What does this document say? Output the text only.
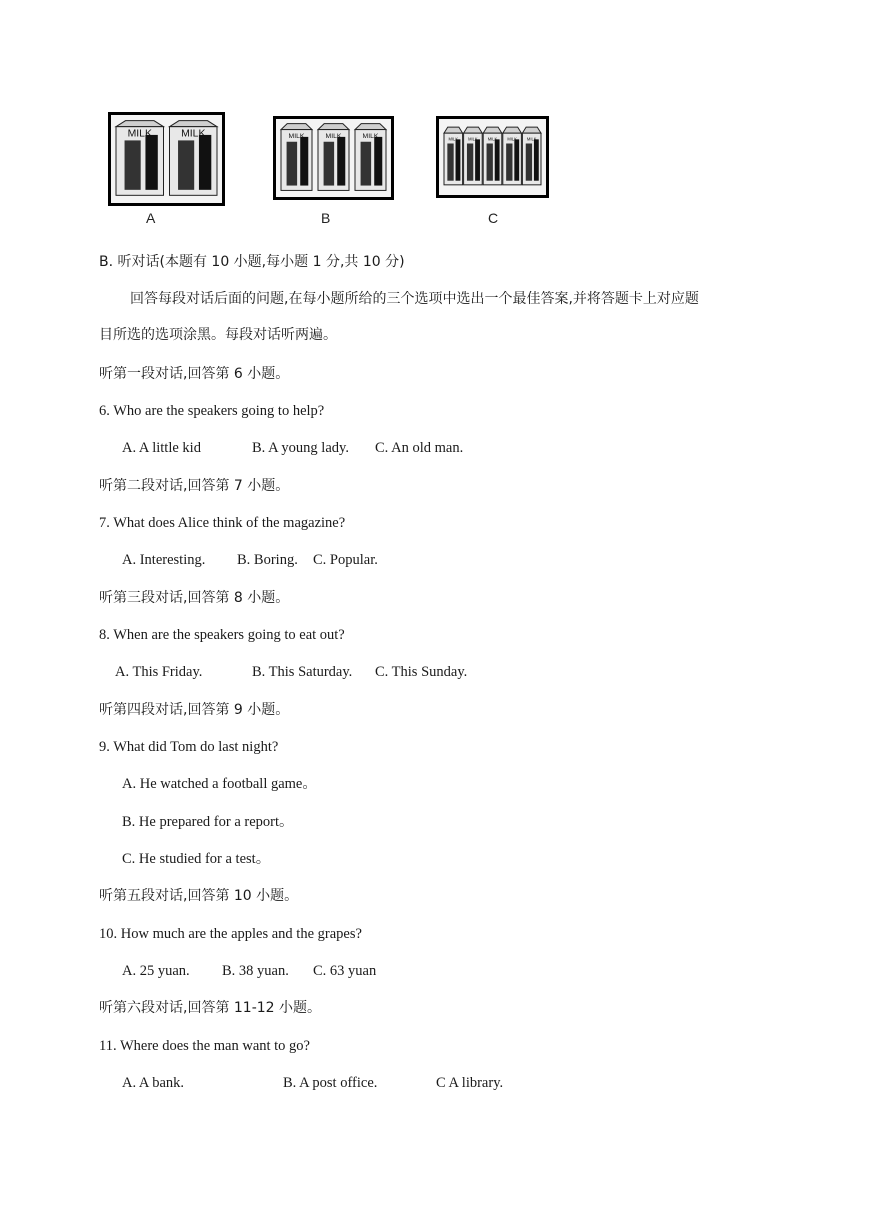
MILK	MILK
A
MILK	MILK	MILK
B
MILK MILK MILK MILK MILK
C
B. 听对话(本题有 10 小题,每小题 1 分,共 10 分)
回答每段对话后面的问题,在每小题所给的三个选项中选出一个最佳答案,并将答题卡上对应题
目所选的选项涂黑。每段对话听两遍。
听第一段对话,回答第 6 小题。
6. Who are the speakers going to help?
A. A little kid	B. A young lady. C. An old man.
听第二段对话,回答第 7 小题。
7. What does Alice think of the magazine?
A. Interesting. B. Boring. C. Popular.
听第三段对话,回答第 8 小题。
8. When are the speakers going to eat out?
A. This Friday.	B. This Saturday. C. This Sunday.
听第四段对话,回答第 9 小题。
9. What did Tom do last night?
A. He watched a football game。
B. He prepared for a report。
C. He studied for a test。
听第五段对话,回答第 10 小题。
10. How much are the apples and the grapes?
A. 25 yuan. B. 38 yuan. C. 63 yuan
听第六段对话,回答第 11-12 小题。
11. Where does the man want to go?
A. A bank.	B. A post office.	C A library.
